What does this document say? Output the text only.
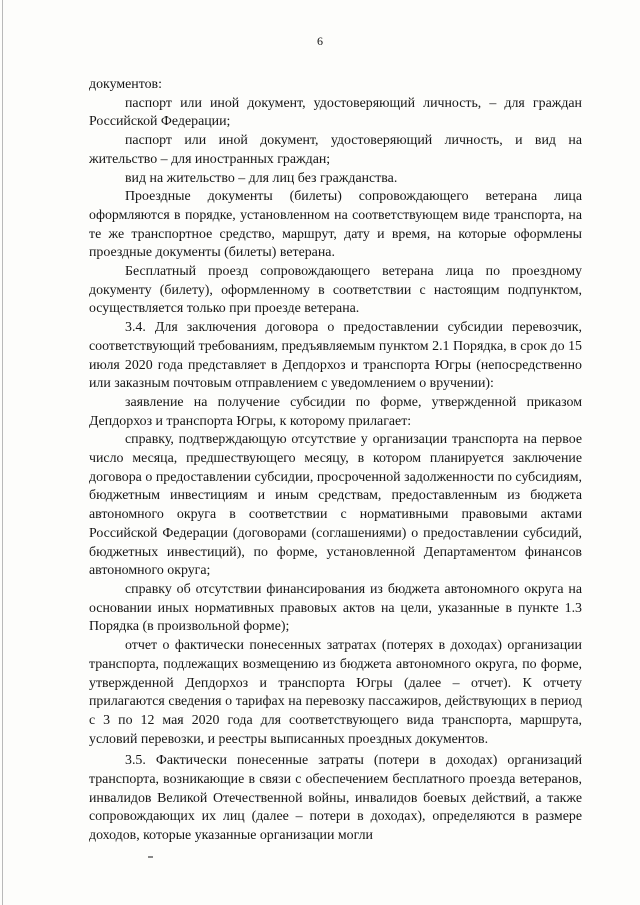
6

документов:

паспорт или иной документ, удостоверяющий личность, – для граждан Российской Федерации;

паспорт или иной документ, удостоверяющий личность, и вид на жительство – для иностранных граждан;

вид на жительство – для лиц без гражданства.

Проездные документы (билеты) сопровождающего ветерана лица оформляются в порядке, установленном на соответствующем виде транспорта, на те же транспортное средство, маршрут, дату и время, на которые оформлены проездные документы (билеты) ветерана.

Бесплатный проезд сопровождающего ветерана лица по проездному документу (билету), оформленному в соответствии с настоящим подпунктом, осуществляется только при проезде ветерана.

3.4. Для заключения договора о предоставлении субсидии перевозчик, соответствующий требованиям, предъявляемым пунктом 2.1 Порядка, в срок до 15 июля 2020 года представляет в Депдорхоз и транспорта Югры (непосредственно или заказным почтовым отправлением с уведомлением о вручении):

заявление на получение субсидии по форме, утвержденной приказом Депдорхоз и транспорта Югры, к которому прилагает:

справку, подтверждающую отсутствие у организации транспорта на первое число месяца, предшествующего месяцу, в котором планируется заключение договора о предоставлении субсидии, просроченной задолженности по субсидиям, бюджетным инвестициям и иным средствам, предоставленным из бюджета автономного округа в соответствии с нормативными правовыми актами Российской Федерации (договорами (соглашениями) о предоставлении субсидий, бюджетных инвестиций), по форме, установленной Департаментом финансов автономного округа;

справку об отсутствии финансирования из бюджета автономного округа на основании иных нормативных правовых актов на цели, указанные в пункте 1.3 Порядка (в произвольной форме);

отчет о фактически понесенных затратах (потерях в доходах) организации транспорта, подлежащих возмещению из бюджета автономного округа, по форме, утвержденной Депдорхоз и транспорта Югры (далее – отчет). К отчету прилагаются сведения о тарифах на перевозку пассажиров, действующих в период с 3 по 12 мая 2020 года для соответствующего вида транспорта, маршрута, условий перевозки, и реестры выписанных проездных документов.

3.5. Фактически понесенные затраты (потери в доходах) организаций транспорта, возникающие в связи с обеспечением бесплатного проезда ветеранов, инвалидов Великой Отечественной войны, инвалидов боевых действий, а также сопровождающих их лиц (далее – потери в доходах), определяются в размере доходов, которые указанные организации могли
